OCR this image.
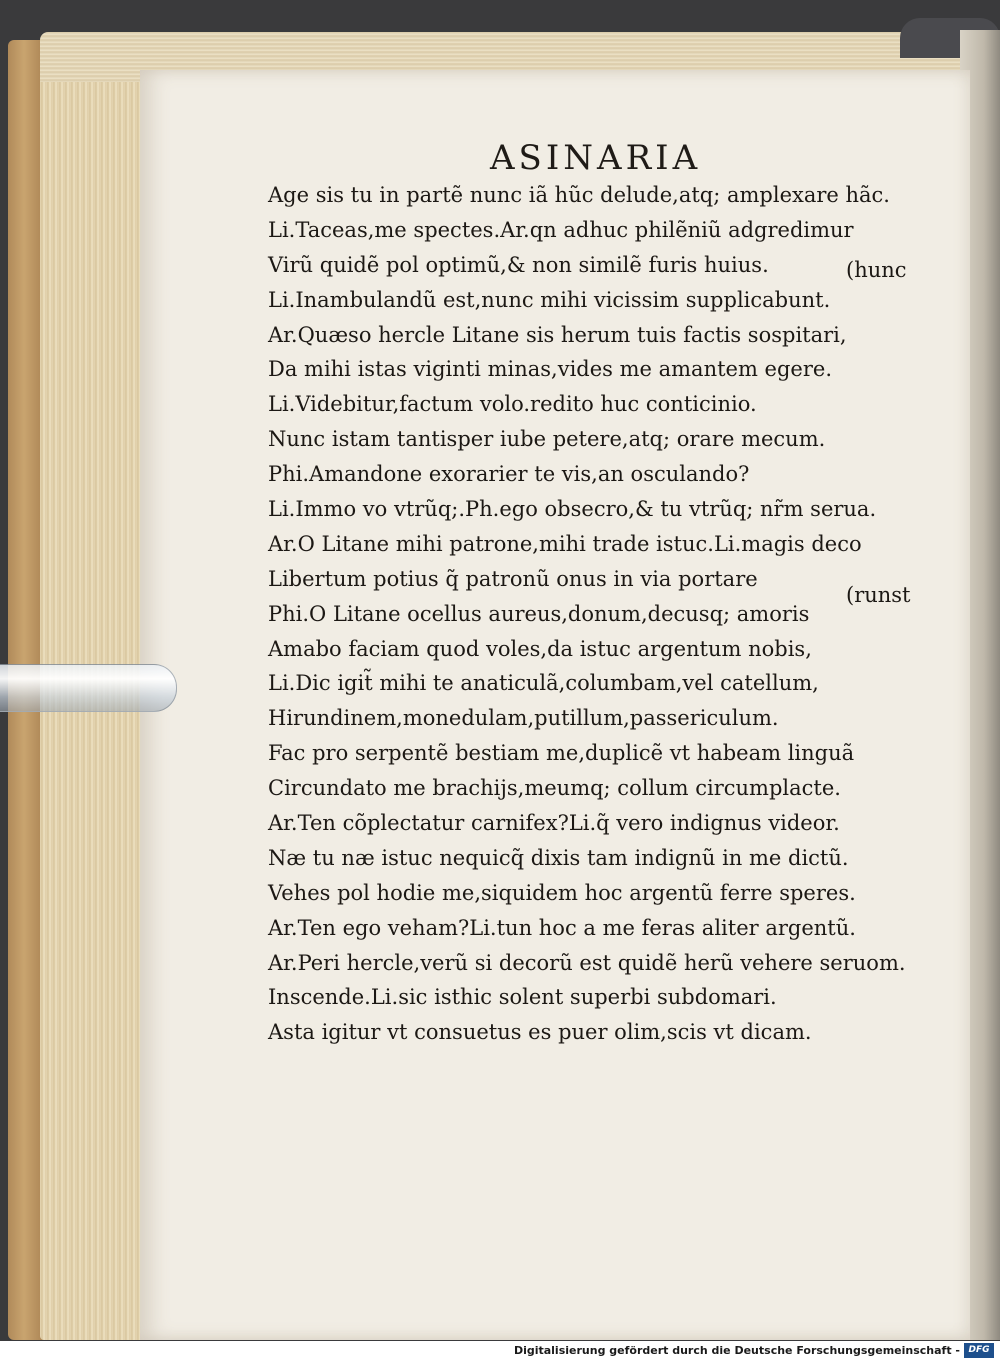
ASINARIA
Age sis tu in partẽ nunc iã hũc delude,atq; amplexare hãc.
Li.Taceas,me spectes.Ar.qn adhuc philẽniũ adgredimur
Virũ quidẽ pol optimũ,& non similẽ furis huius.
Li.Inambulandũ est,nunc mihi vicissim supplicabunt.
Ar.Quæso hercle Litane sis herum tuis factis sospitari,
Da mihi istas viginti minas,vides me amantem egere.
Li.Videbitur,factum volo.redito huc conticinio.
Nunc istam tantisper iube petere,atq; orare mecum.
Phi.Amandone exorarier te vis,an osculando?
Li.Immo vo vtrũq;.Ph.ego obsecro,& tu vtrũq; nr̃m serua.
Ar.O Litane mihi patrone,mihi trade istuc.Li.magis deco
Libertum potius q̃ patronũ onus in via portare
Phi.O Litane ocellus aureus,donum,decusq; amoris
Amabo faciam quod voles,da istuc argentum nobis,
Li.Dic igit̃ mihi te anaticulã,columbam,vel catellum,
Hirundinem,monedulam,putillum,passericulum.
Fac pro serpentẽ bestiam me,duplicẽ vt habeam linguã
Circundato me brachijs,meumq; collum circumplacte.
Ar.Ten cõplectatur carnifex?Li.q̃ vero indignus videor.
Næ tu næ istuc nequicq̃ dixis tam indignũ in me dictũ.
Vehes pol hodie me,siquidem hoc argentũ ferre speres.
Ar.Ten ego veham?Li.tun hoc a me feras aliter argentũ.
Ar.Peri hercle,verũ si decorũ est quidẽ herũ vehere seruom.
Inscende.Li.sic isthic solent superbi subdomari.
Asta igitur vt consuetus es puer olim,scis vt dicam.
(hunc
(runst
Digitalisierung gefördert durch die Deutsche Forschungsgemeinschaft - DFG
